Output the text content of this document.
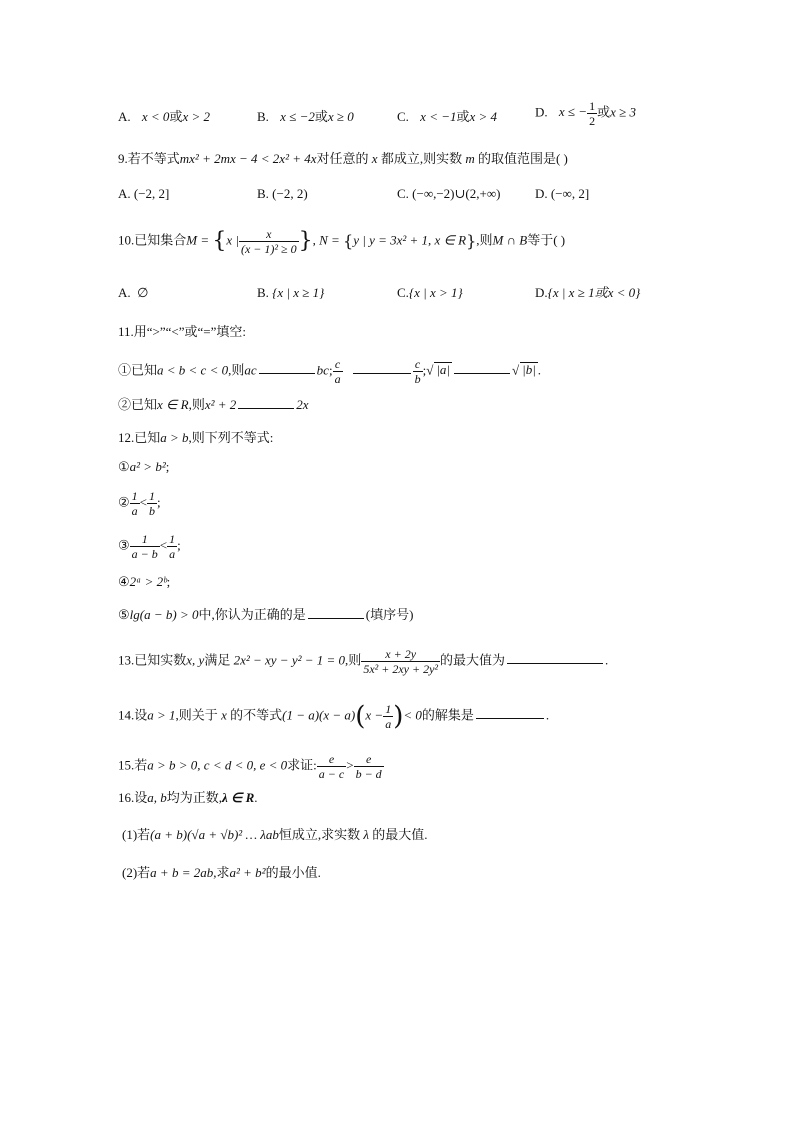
A. x < 0或x > 2	B. x ≤ −2或x ≥ 0	C. x < −1或x > 4	D. x ≤ − $\frac{1}{2}$ 或x ≥ 3
9.若不等式mx² + 2mx − 4 < 2x² + 4x对任意的 x 都成立,则实数 m 的取值范围是( )
A. (−2, 2]	B. (−2, 2)	C. (−∞,−2)∪(2,+∞)	D. (−∞, 2]
10.已知集合M = {x | $\frac{x}{\text{(x − 1)² ≥ 0}}$ }, N = {y | y = 3x² + 1, x ∈ R},则M ∩ B等于( )
A. ∅	B. {x | x ≥ 1}	C.{x | x > 1}	D.{x | x ≥ 1或x < 0}
11.用“>”“<”或“=”填空:
①已知a < b < c < 0,则ac	bc; $\frac{c}{a}$	$\frac{c}{b}$ ;√ |a|	√ |b| .
②已知x ∈ R,则x² + 2	2x
12.已知a > b,则下列不等式:
①a² > b²;
② $\frac{1}{a} < \frac{1}{b}$ ;
③ $\frac{1}{a - b} < \frac{1}{a}$ ;
④2ᵃ > 2ᵇ;
⑤lg(a − b) > 0中,你认为正确的是	(填序号)
13.已知实数x, y满足 2x² − xy − y² − 1 = 0,则 $\frac{x + 2y}{\text{5x² + 2xy + 2y²}}$ 的最大值为	.
14.设a > 1,则关于 x 的不等式$(1 - a)(x - a)(x - \frac{1}{a}$ )< 0的解集是	.
15.若a > b > 0, c < d < 0, e < 0求证: $\frac{e}{a - c} > \frac{e}{b - d}$
16.设a, b均为正数,λ ∈ R.
(1)若(a + b)(√a + √b)² … λab恒成立,求实数 λ 的最大值.
(2)若a + b = 2ab,求a² + b²的最小值.
